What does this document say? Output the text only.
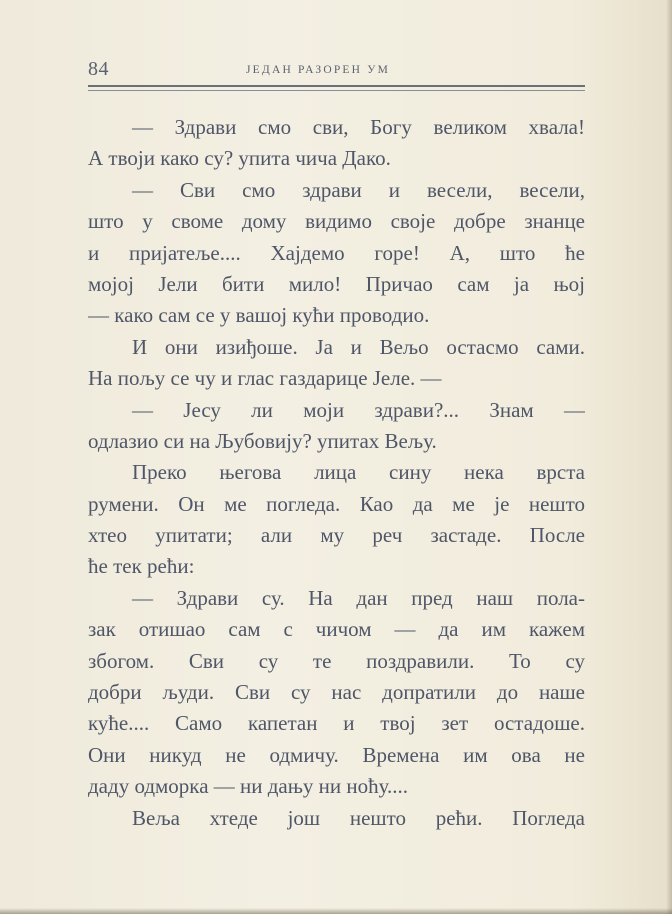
84	ЈЕДАН РАЗОРЕН УМ
— Здрави смо сви, Богу великом хвала!
А твоји како су? упита чича Дако.
— Сви смо здрави и весели, весели,
што у своме дому видимо своје добре знанце
и пријатеље.... Хајдемо горе! А, што ће
мојој Јели бити мило! Причао сам ја њој
— како сам се у вашој кући проводио.
И они изиђоше. Ја и Вељо остасмо сами.
На пољу се чу и глас газдарице Јеле. —
— Јесу ли моји здрави?... Знам —
одлазио си на Љубовију? упитах Вељу.
Преко његова лица сину нека врста
румени. Он ме погледа. Као да ме је нешто
хтео упитати; али му реч застаде. После
ће тек рећи:
— Здрави су. На дан пред наш пола-
зак отишао сам с чичом — да им кажем
збогом. Сви су те поздравили. То су
добри људи. Сви су нас допратили до наше
куће.... Само капетан и твој зет остадоше.
Они никуд не одмичу. Времена им ова не
даду одморка — ни дању ни ноћу....
Веља хтеде још нешто рећи. Погледа
